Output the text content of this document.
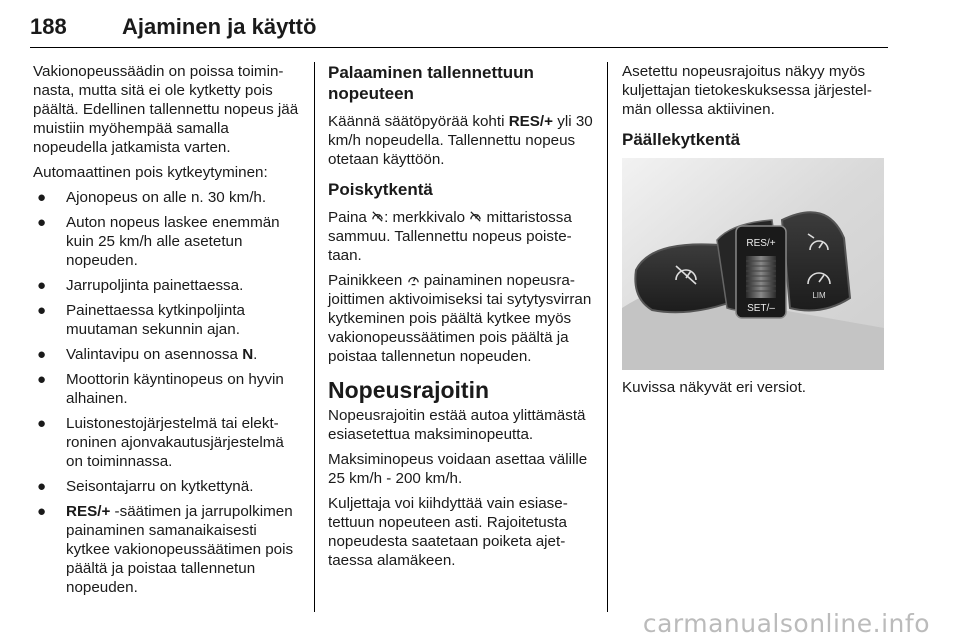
188	Ajaminen ja käyttö

Vakionopeussäädin on poissa toiminnasta, mutta sitä ei ole kytketty pois päältä. Edellinen tallennettu nopeus jää muistiin myöhempää samalla nopeudella jatkamista varten.

Automaattinen pois kytkeytyminen:

● Ajonopeus on alle n. 30 km/h.
● Auton nopeus laskee enemmän kuin 25 km/h alle asetetun nopeuden.
● Jarrupoljinta painettaessa.
● Painettaessa kytkinpoljinta muutaman sekunnin ajan.
● Valintavipu on asennossa N.
● Moottorin käyntinopeus on hyvin alhainen.
● Luistonestojärjestelmä tai elektroninen ajonvakautusjärjestelmä on toiminnassa.
● Seisontajarru on kytkettynä.
● RES/+ -säätimen ja jarrupolkimen painaminen samanaikaisesti kytkee vakionopeussäätimen pois päältä ja poistaa tallennetun nopeuden.
Palaaminen tallennettuun nopeuteen

Käännä säätöpyörää kohti RES/+ yli 30 km/h nopeudella. Tallennettu nopeus otetaan käyttöön.

Poiskytkentä

Paina : merkkivalo  mittaristossa sammuu. Tallennettu nopeus poistetaan.

Painikkeen  painaminen nopeusrajoittimen aktivoimiseksi tai sytytysvirran kytkeminen pois päältä kytkee myös vakionopeussäätimen pois päältä ja poistaa tallennetun nopeuden.

Nopeusrajoitin

Nopeusrajoitin estää autoa ylittämästä esiasetettua maksiminopeutta.

Maksiminopeus voidaan asettaa välille 25 km/h - 200 km/h.

Kuljettaja voi kiihdyttää vain esiasetettuun nopeuteen asti. Rajoitetusta nopeudesta saatetaan poiketa ajettaessa alamäkeen.

Asetettu nopeusrajoitus näkyy myös kuljettajan tietokeskuksessa järjestelmän ollessa aktiivinen.

Päällekytkentä
RES/+
SET/–
LIM

Kuvissa näkyvät eri versiot.

carmanualsonline.info
